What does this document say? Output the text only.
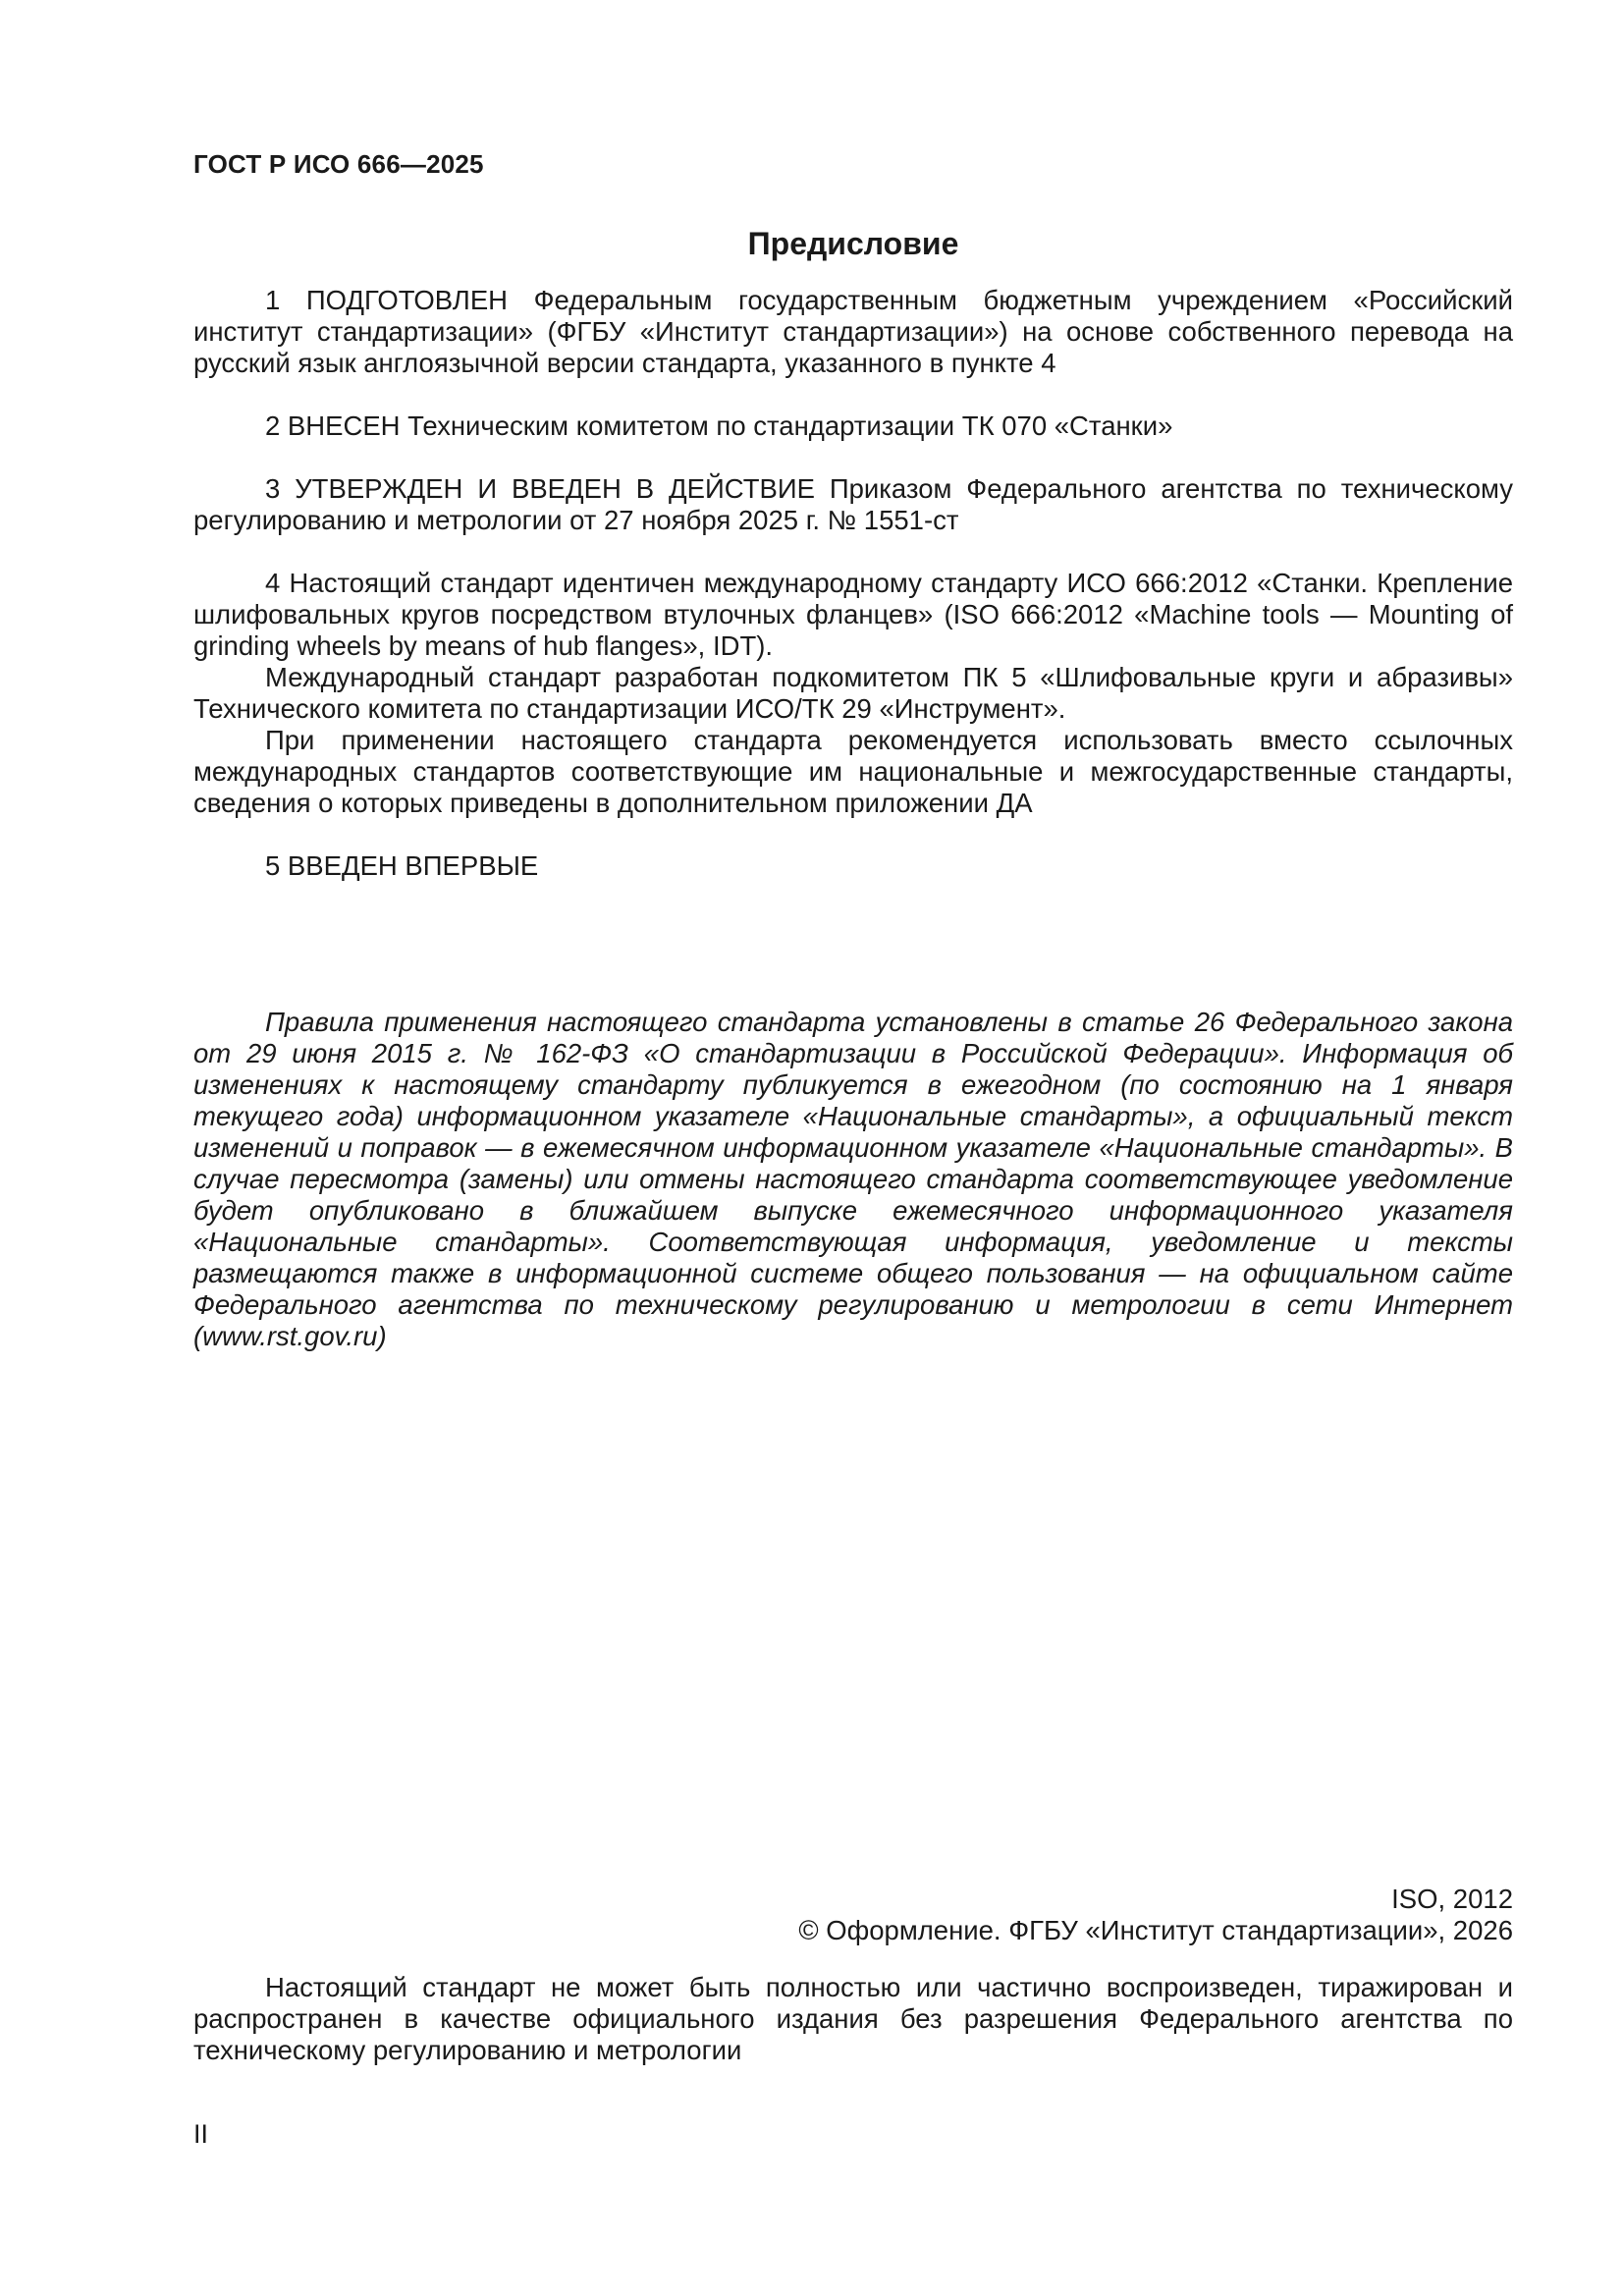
ГОСТ Р ИСО 666—2025
Предисловие

1 ПОДГОТОВЛЕН Федеральным государственным бюджетным учреждением «Российский институт стандартизации» (ФГБУ «Институт стандартизации») на основе собственного перевода на русский язык англоязычной версии стандарта, указанного в пункте 4

2 ВНЕСЕН Техническим комитетом по стандартизации ТК 070 «Станки»

3 УТВЕРЖДЕН И ВВЕДЕН В ДЕЙСТВИЕ Приказом Федерального агентства по техническому регулированию и метрологии от 27 ноября 2025 г. № 1551-ст

4 Настоящий стандарт идентичен международному стандарту ИСО 666:2012 «Станки. Крепление шлифовальных кругов посредством втулочных фланцев» (ISO 666:2012 «Machine tools — Mounting of grinding wheels by means of hub flanges», IDT).

Международный стандарт разработан подкомитетом ПК 5 «Шлифовальные круги и абразивы» Технического комитета по стандартизации ИСО/ТК 29 «Инструмент».

При применении настоящего стандарта рекомендуется использовать вместо ссылочных международных стандартов соответствующие им национальные и межгосударственные стандарты, сведения о которых приведены в дополнительном приложении ДА

5 ВВЕДЕН ВПЕРВЫЕ

Правила применения настоящего стандарта установлены в статье 26 Федерального закона от 29 июня 2015 г. № 162-ФЗ «О стандартизации в Российской Федерации». Информация об изменениях к настоящему стандарту публикуется в ежегодном (по состоянию на 1 января текущего года) информационном указателе «Национальные стандарты», а официальный текст изменений и поправок — в ежемесячном информационном указателе «Национальные стандарты». В случае пересмотра (замены) или отмены настоящего стандарта соответствующее уведомление будет опубликовано в ближайшем выпуске ежемесячного информационного указателя «Национальные стандарты». Соответствующая информация, уведомление и тексты размещаются также в информационной системе общего пользования — на официальном сайте Федерального агентства по техническому регулированию и метрологии в сети Интернет (www.rst.gov.ru)

ISO, 2012
© Оформление. ФГБУ «Институт стандартизации», 2026

Настоящий стандарт не может быть полностью или частично воспроизведен, тиражирован и распространен в качестве официального издания без разрешения Федерального агентства по техническому регулированию и метрологии

II
